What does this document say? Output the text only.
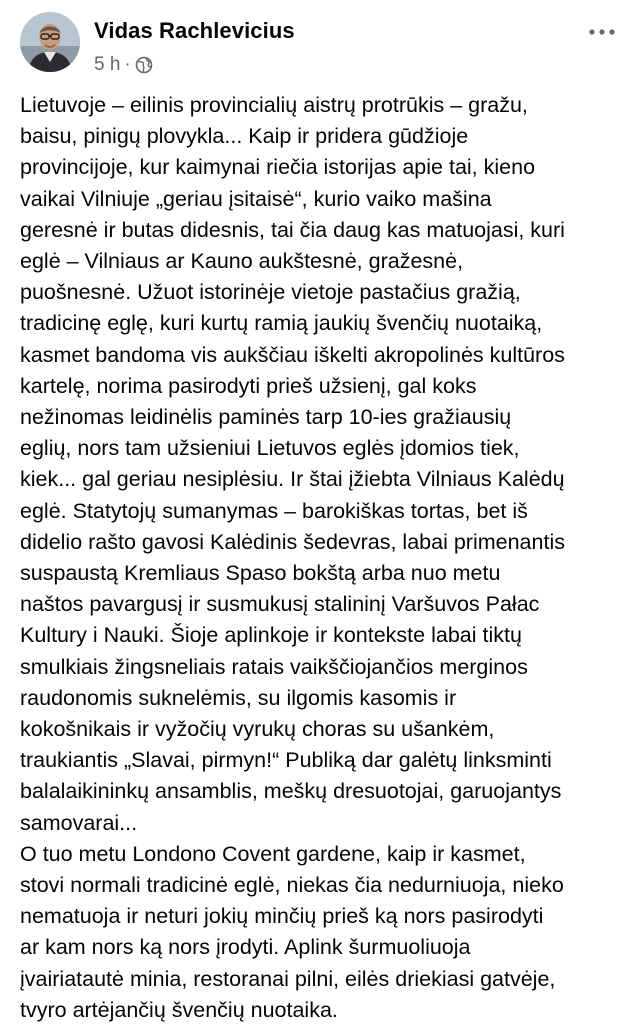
Vidas Rachlevicius
5 h ·

Lietuvoje – eilinis provincialių aistrų protrūkis – gražu,

baisu, pinigų plovykla... Kaip ir pridera gūdžioje

provincijoje, kur kaimynai riečia istorijas apie tai, kieno

vaikai Vilniuje „geriau įsitaisė“, kurio vaiko mašina

geresnė ir butas didesnis, tai čia daug kas matuojasi, kuri

eglė – Vilniaus ar Kauno aukštesnė, gražesnė,

puošnesnė. Užuot istorinėje vietoje pastačius gražią,

tradicinę eglę, kuri kurtų ramią jaukių švenčių nuotaiką,

kasmet bandoma vis aukščiau iškelti akropolinės kultūros

kartelę, norima pasirodyti prieš užsienį, gal koks

nežinomas leidinėlis paminės tarp 10-ies gražiausių

eglių, nors tam užsieniui Lietuvos eglės įdomios tiek,

kiek... gal geriau nesiplėsiu. Ir štai įžiebta Vilniaus Kalėdų

eglė. Statytojų sumanymas – barokiškas tortas, bet iš

didelio rašto gavosi Kalėdinis šedevras, labai primenantis

suspaustą Kremliaus Spaso bokštą arba nuo metu

naštos pavargusį ir susmukusį stalininį Varšuvos Pałac

Kultury i Nauki. Šioje aplinkoje ir kontekste labai tiktų

smulkiais žingsneliais ratais vaikščiojančios merginos

raudonomis suknelėmis, su ilgomis kasomis ir

kokošnikais ir vyžočių vyrukų choras su ušankėm,

traukiantis „Slavai, pirmyn!“ Publiką dar galėtų linksminti

balalaikininkų ansamblis, meškų dresuotojai, garuojantys

samovarai...

O tuo metu Londono Covent gardene, kaip ir kasmet,

stovi normali tradicinė eglė, niekas čia nedurniuoja, nieko

nematuoja ir neturi jokių minčių prieš ką nors pasirodyti

ar kam nors ką nors įrodyti. Aplink šurmuoliuoja

įvairiatautė minia, restoranai pilni, eilės driekiasi gatvėje,

tvyro artėjančių švenčių nuotaika.
